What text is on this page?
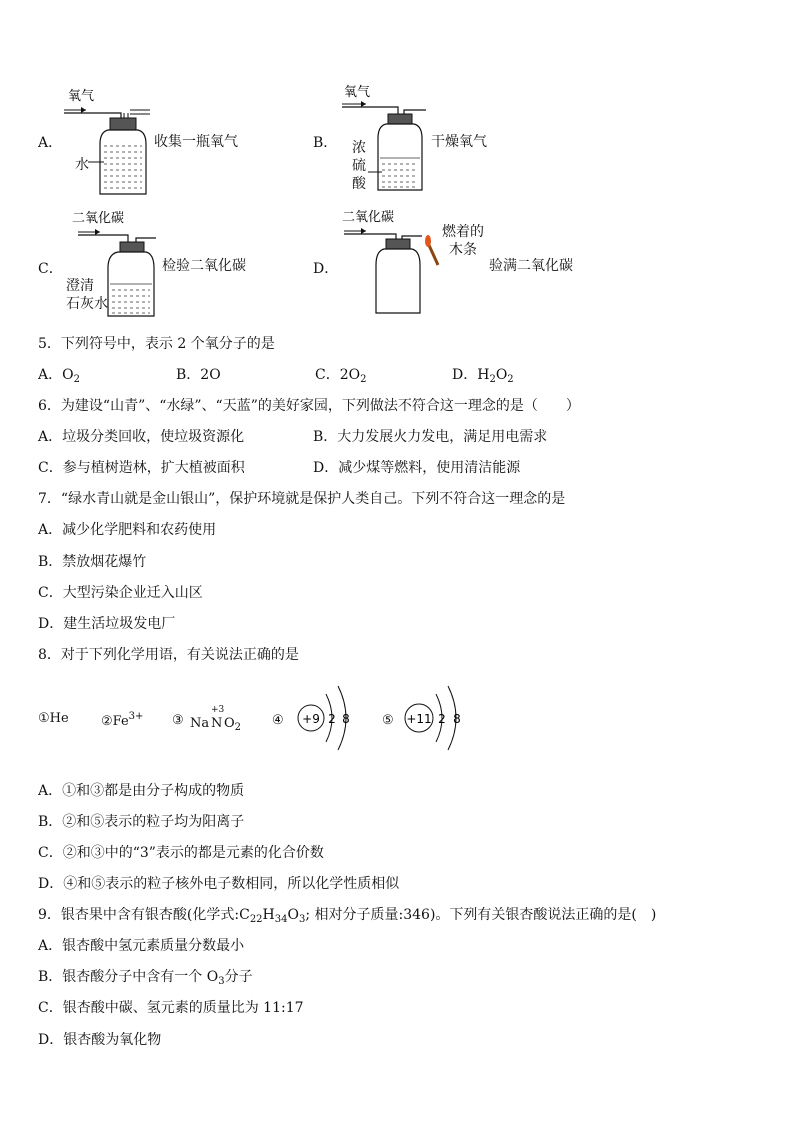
A．
氧气
水
收集一瓶氧气	B．
氧气
浓
硫
酸
干燥氧气
C．
二氧化碳
澄清
石灰水
检验二氧化碳	D．
二氧化碳
燃着的
木条
验满二氧化碳
5．下列符号中，表示 2 个氧分子的是
A．$O_2$	B．2O	C．$2O_2$	D．$H_2O_2$
6．为建设“山青”、“水绿”、“天蓝”的美好家园，下列做法不符合这一理念的是（　　）
A．垃圾分类回收，使垃圾资源化	B．大力发展火力发电，满足用电需求
C．参与植树造林，扩大植被面积	D．减少煤等燃料，使用清洁能源
7．“绿水青山就是金山银山”，保护环境就是保护人类自己。下列不符合这一理念的是
A．减少化学肥料和农药使用
B．禁放烟花爆竹
C．大型污染企业迁入山区
D．建生活垃圾发电厂
8．对于下列化学用语，有关说法正确的是
①He $②Fe^{3+}$ ③ Na
+3
N $O_2$ ④ +9 2 8 ⑤ +11 2 8
A．①和③都是由分子构成的物质
B．②和⑤表示的粒子均为阳离子
C．②和③中的“3”表示的都是元素的化合价数
D．④和⑤表示的粒子核外电子数相同，所以化学性质相似
9．银杏果中含有银杏酸(化学式$:C_{22}H_{34}O_3$; 相对分子质量:346)。下列有关银杏酸说法正确的是(　)
A．银杏酸中氢元素质量分数最小
B．银杏酸分子中含有一个 $O_3$分子
C．银杏酸中碳、氢元素的质量比为 11:17
D．银杏酸为氧化物
